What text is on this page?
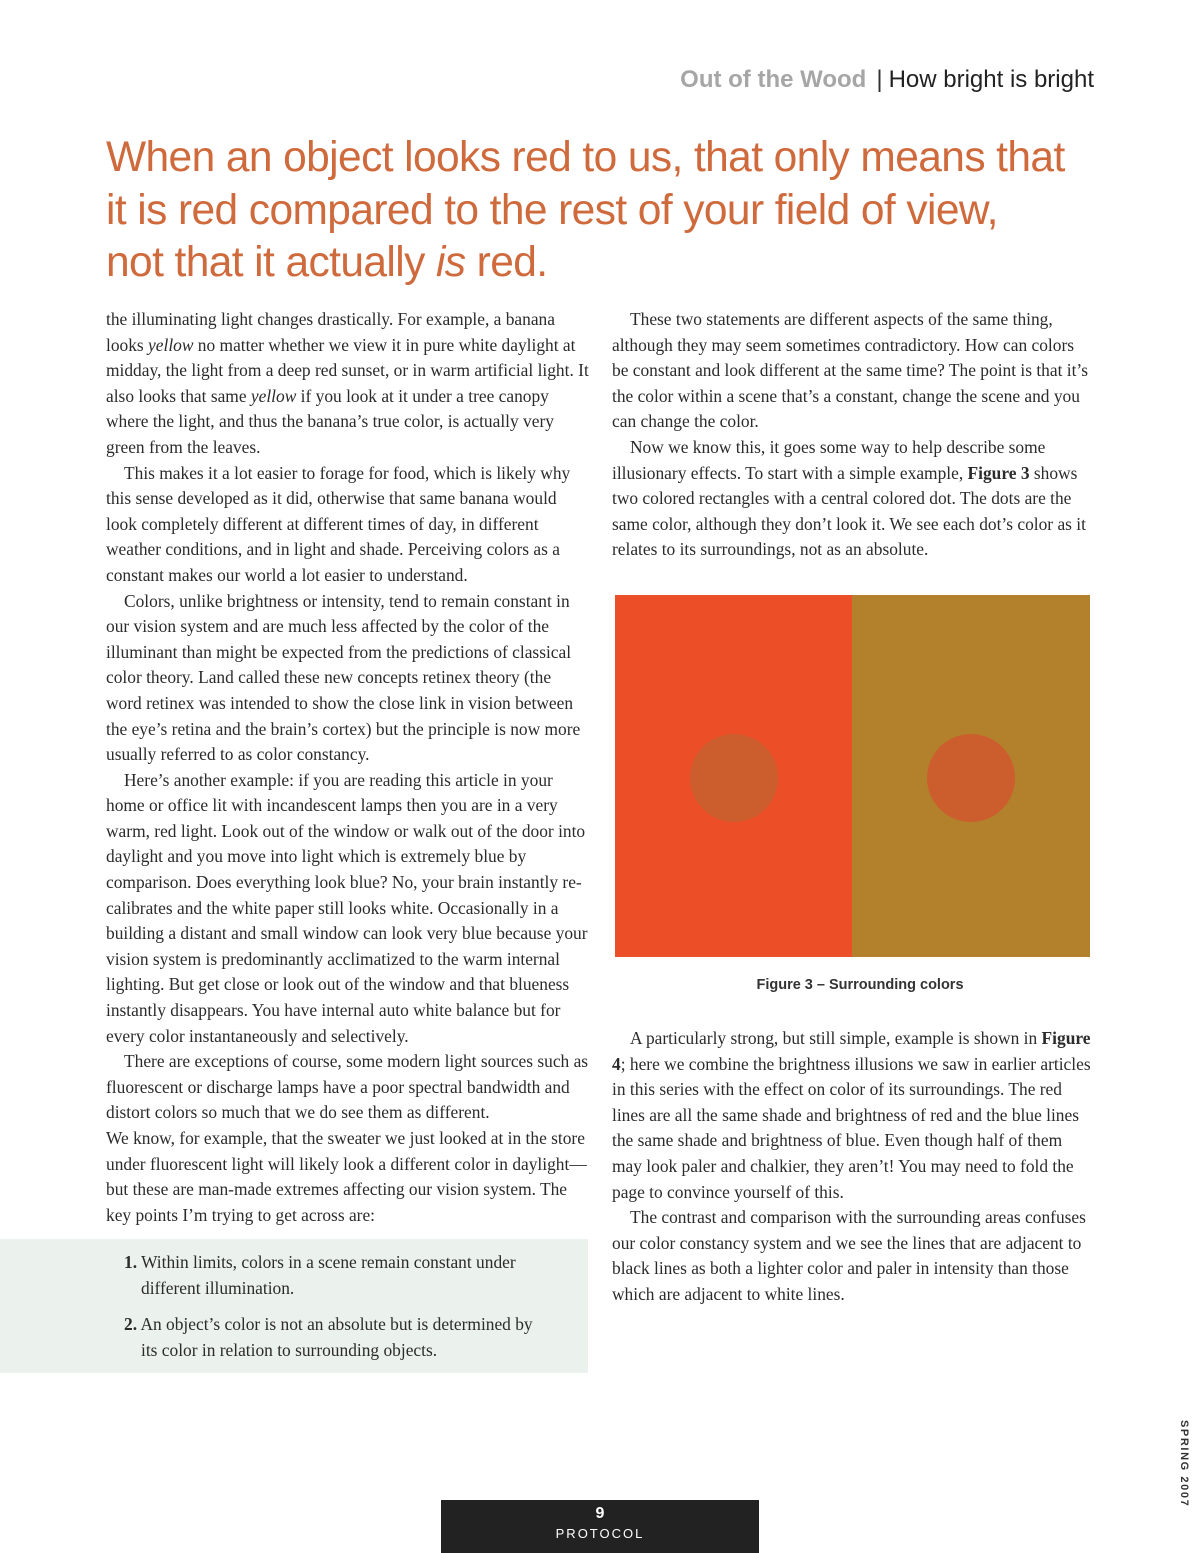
Out of the Wood | How bright is bright
When an object looks red to us, that only means that
it is red compared to the rest of your field of view,
not that it actually is red.

the illuminating light changes drastically. For example, a banana looks yellow no matter whether we view it in pure white daylight at midday, the light from a deep red sunset, or in warm artificial light. It also looks that same yellow if you look at it under a tree canopy where the light, and thus the banana’s true color, is actually very green from the leaves.

This makes it a lot easier to forage for food, which is likely why this sense developed as it did, otherwise that same banana would look completely different at different times of day, in different weather conditions, and in light and shade. Perceiving colors as a constant makes our world a lot easier to understand.

Colors, unlike brightness or intensity, tend to remain constant in our vision system and are much less affected by the color of the illuminant than might be expected from the predictions of classical color theory. Land called these new concepts retinex theory (the word retinex was intended to show the close link in vision between the eye’s retina and the brain’s cortex) but the principle is now more usually referred to as color constancy.

Here’s another example: if you are reading this article in your home or office lit with incandescent lamps then you are in a very warm, red light. Look out of the window or walk out of the door into daylight and you move into light which is extremely blue by comparison. Does everything look blue? No, your brain instantly re-calibrates and the white paper still looks white. Occasionally in a building a distant and small window can look very blue because your vision system is predominantly acclimatized to the warm internal lighting. But get close or look out of the window and that blueness instantly disappears. You have internal auto white balance but for every color instantaneously and selectively.

There are exceptions of course, some modern light sources such as fluorescent or discharge lamps have a poor spectral bandwidth and distort colors so much that we do see them as different.

We know, for example, that the sweater we just looked at in the store under fluorescent light will likely look a different color in daylight—but these are man-made extremes affecting our vision system. The key points I’m trying to get across are:

1. Within limits, colors in a scene remain constant under different illumination.
2. An object’s color is not an absolute but is determined by its color in relation to surrounding objects.

These two statements are different aspects of the same thing, although they may seem sometimes contradictory. How can colors be constant and look different at the same time? The point is that it’s the color within a scene that’s a constant, change the scene and you can change the color.

Now we know this, it goes some way to help describe some illusionary effects. To start with a simple example, Figure 3 shows two colored rectangles with a central colored dot. The dots are the same color, although they don’t look it. We see each dot’s color as it relates to its surroundings, not as an absolute.

Figure 3 – Surrounding colors

A particularly strong, but still simple, example is shown in Figure 4; here we combine the brightness illusions we saw in earlier articles in this series with the effect on color of its surroundings. The red lines are all the same shade and brightness of red and the blue lines the same shade and brightness of blue. Even though half of them may look paler and chalkier, they aren’t! You may need to fold the page to convince yourself of this.

The contrast and comparison with the surrounding areas confuses our color constancy system and we see the lines that are adjacent to black lines as both a lighter color and paler in intensity than those which are adjacent to white lines.

SPRING 2007
9
PROTOCOL
